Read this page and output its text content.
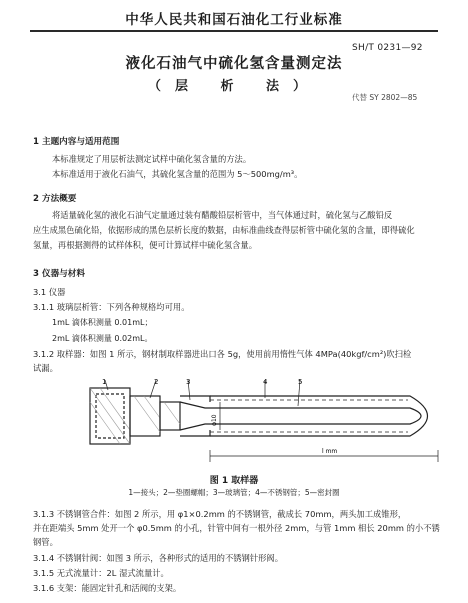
中华人民共和国石油化工行业标准
SH/T 0231—92
液化石油气中硫化氢含量测定法
（层 析 法）
代替 SY 2802—85
1 主题内容与适用范围
本标准规定了用层析法测定试样中硫化氢含量的方法。
本标准适用于液化石油气，其硫化氢含量的范围为 5～500mg/m³。
2 方法概要
将适量硫化氢的液化石油气定量通过装有醋酸铅层析管中，当气体通过时，硫化氢与乙酸铅反
应生成黑色硫化铅，依据形成的黑色层析长度的数据，由标准曲线查得层析管中硫化氢的含量，即得硫化
氢量，再根据测得的试样体积，便可计算试样中硫化氢含量。
3 仪器与材料
3.1 仪器
3.1.1 玻璃层析管：下列各种规格均可用。
1mL 滴体积测量 0.01mL；
2mL 滴体积测量 0.02mL。
3.1.2 取样器：如图 1 所示，钢材制取样器进出口各 5g，使用前用惰性气体 4MPa(40kgf/cm²)吹扫检
试漏。
1	2	3	4	5
φ10
l mm
图 1 取样器
1—接头；2—垫圈螺帽；3—玻璃管；4—不锈钢管；5—密封圈
3.1.3 不锈钢管合件：如图 2 所示，用 φ1×0.2mm 的不锈钢管，截成长 70mm，两头加工成锥形，
并在距端头 5mm 处开一个 φ0.5mm 的小孔，针管中间有一根外径 2mm，与管 1mm 相长 20mm 的小不锈
钢管。
3.1.4 不锈钢针阀：如图 3 所示，各种形式的适用的不锈钢针形阀。
3.1.5 无式流量计：2L 湿式流量计。
3.1.6 支架：能固定针孔和活阀的支架。
